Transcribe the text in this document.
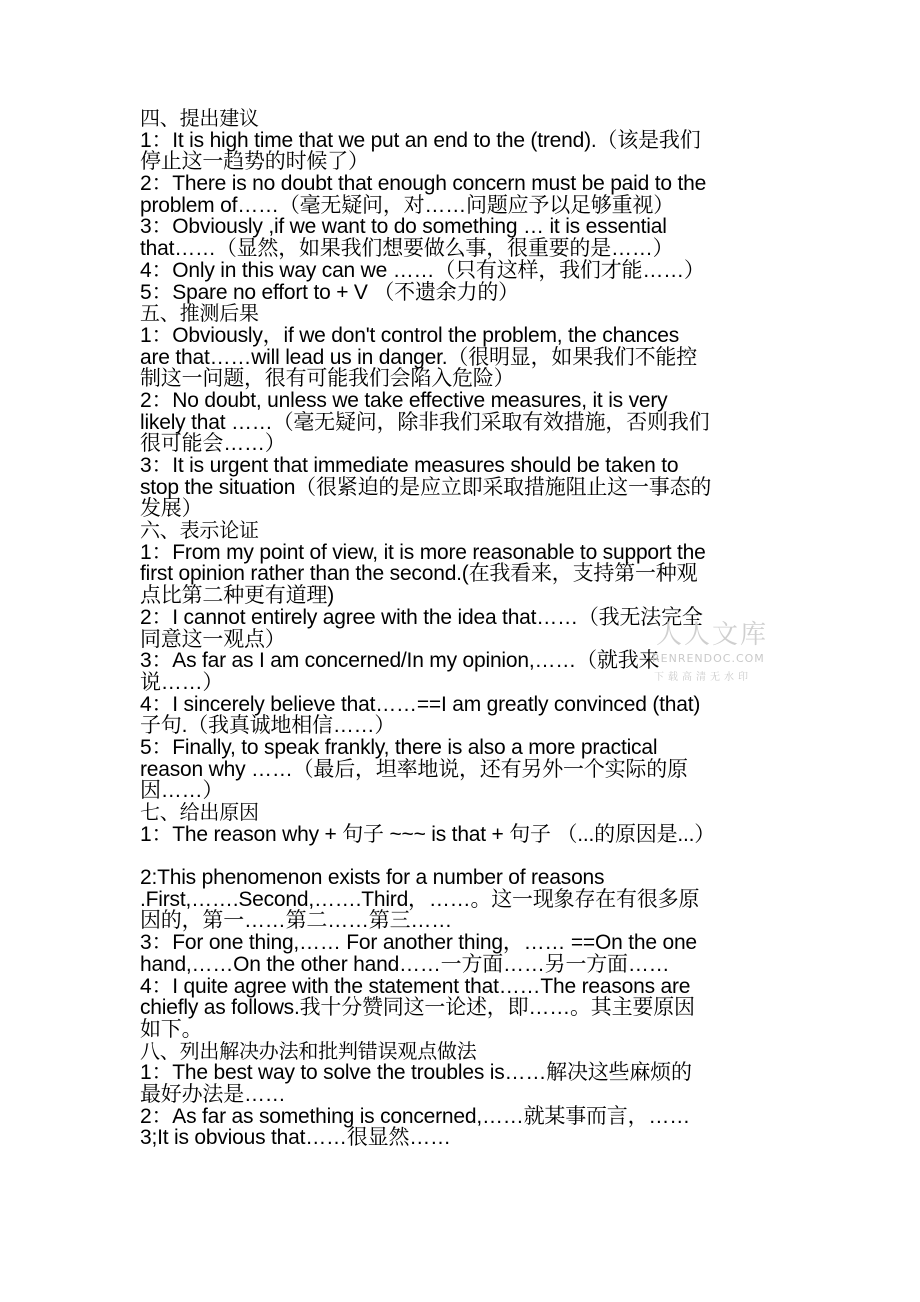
四、提出建议
1：It is high time that we put an end to the (trend).（该是我们
停止这一趋势的时候了）
2：There is no doubt that enough concern must be paid to the
problem of……（毫无疑问，对……问题应予以足够重视）
3：Obviously ,if we want to do something … it is essential
that……（显然，如果我们想要做么事，很重要的是……）
4：Only in this way can we ……（只有这样，我们才能……）
5：Spare no effort to + V （不遗余力的）
五、推测后果
1：Obviously，if we don't control the problem, the chances
are that……will lead us in danger.（很明显，如果我们不能控
制这一问题，很有可能我们会陷入危险）
2：No doubt, unless we take effective measures, it is very
likely that ……（毫无疑问，除非我们采取有效措施，否则我们
很可能会……）
3：It is urgent that immediate measures should be taken to
stop the situation（很紧迫的是应立即采取措施阻止这一事态的
发展）
六、表示论证
1：From my point of view, it is more reasonable to support the
first opinion rather than the second.(在我看来，支持第一种观
点比第二种更有道理)
2：I cannot entirely agree with the idea that……（我无法完全
同意这一观点）
3：As far as I am concerned/In my opinion,……（就我来
说……）
4：I sincerely believe that……==I am greatly convinced (that)
子句.（我真诚地相信……）
5：Finally, to speak frankly, there is also a more practical
reason why ……（最后，坦率地说，还有另外一个实际的原
因……）
七、给出原因
1：The reason why + 句子 ~~~ is that + 句子 （...的原因是...）
2:This phenomenon exists for a number of reasons
.First,…….Second,…….Third，……。这一现象存在有很多原
因的，第一……第二……第三……
3：For one thing,…… For another thing，…… ==On the one
hand,……On the other hand……一方面……另一方面……
4：I quite agree with the statement that……The reasons are
chiefly as follows.我十分赞同这一论述，即……。其主要原因
如下。
八、列出解决办法和批判错误观点做法
1：The best way to solve the troubles is……解决这些麻烦的
最好办法是……
2：As far as something is concerned,……就某事而言，……
3;It is obvious that……很显然……
人人文库
RENRENDOC.COM
下载高清无水印
